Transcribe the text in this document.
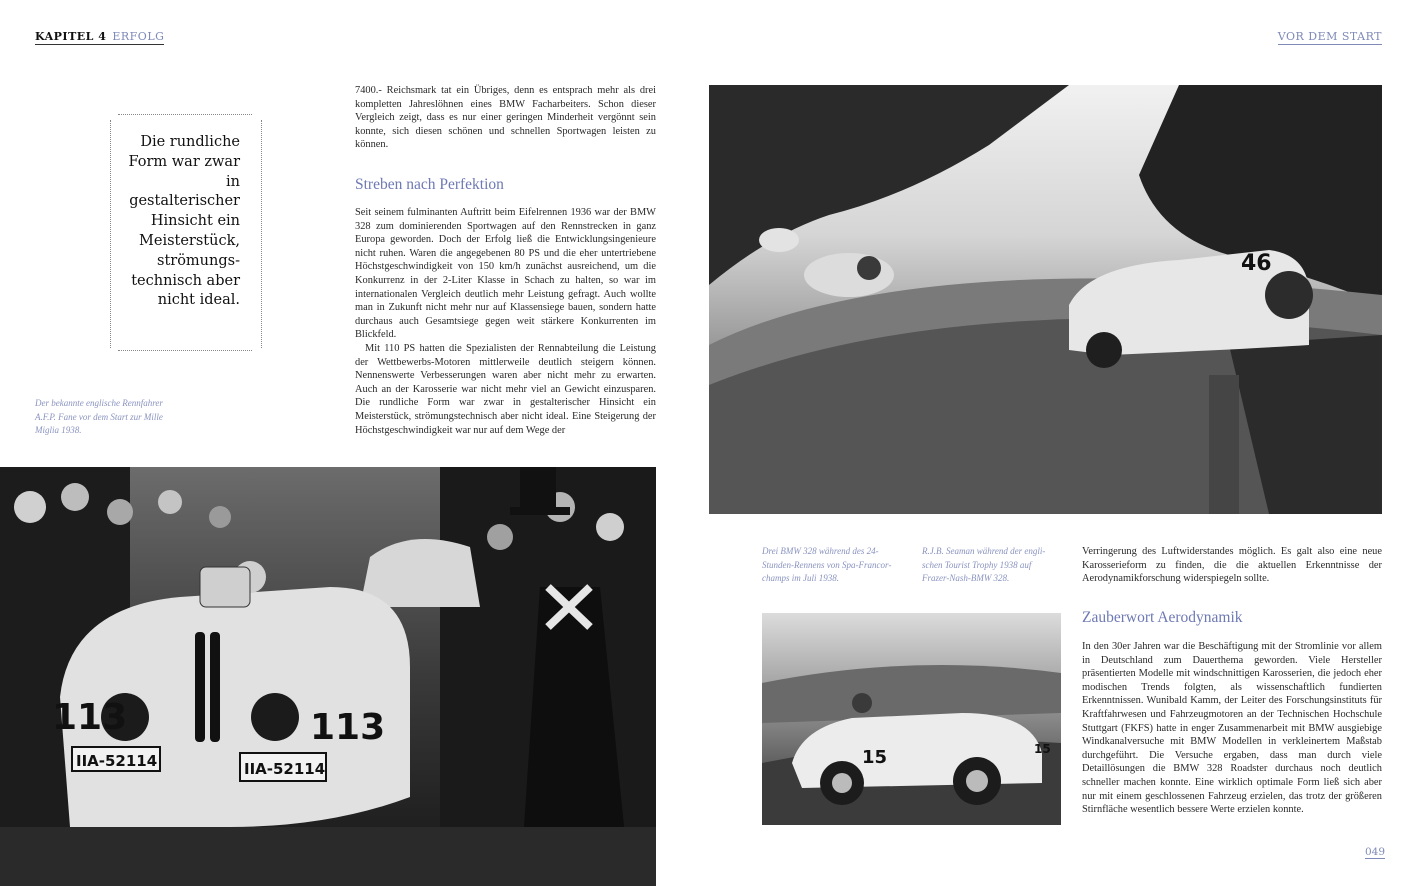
KAPITEL 4 ERFOLG	VOR DEM START
Die rundliche Form war zwar in gestalterischer Hinsicht ein Meisterstück, strömungstechnisch aber nicht ideal.
Der bekannte englische Rennfahrer A.F.P. Fane vor dem Start zur Mille Miglia 1938.

7400.- Reichsmark tat ein Übriges, denn es entsprach mehr als drei kompletten Jahreslöhnen eines BMW Facharbeiters. Schon dieser Vergleich zeigt, dass es nur einer geringen Minderheit vergönnt sein konnte, sich diesen schönen und schnellen Sportwagen leisten zu können.

Streben nach Perfektion

Seit seinem fulminanten Auftritt beim Eifelrennen 1936 war der BMW 328 zum dominierenden Sportwagen auf den Rennstrecken in ganz Europa geworden. Doch der Erfolg ließ die Entwicklungsingenieure nicht ruhen. Waren die angegebenen 80 PS und die eher untertriebene Höchstgeschwindigkeit von 150 km/h zunächst ausreichend, um die Konkurrenz in der 2-Liter Klasse in Schach zu halten, so war im internationalen Vergleich deutlich mehr Leistung gefragt. Auch wollte man in Zukunft nicht mehr nur auf Klassensiege bauen, sondern hatte durchaus auch Gesamtsiege gegen weit stärkere Konkurrenten im Blickfeld.

Mit 110 PS hatten die Spezialisten der Rennabteilung die Leistung der Wettbewerbs-Motoren mittlerweile deutlich steigern können. Nennenswerte Verbesserungen waren aber nicht mehr zu erwarten. Auch an der Karosserie war nicht mehr viel an Gewicht einzusparen. Die rundliche Form war zwar in gestalterischer Hinsicht ein Meisterstück, strömungstechnisch aber nicht ideal. Eine Steigerung der Höchstgeschwindigkeit war nur auf dem Wege der

113	113
IIA-52114	IIA-52114
46
Drei BMW 328 während des 24-Stunden-Rennens von Spa-Francorchamps im Juli 1938.
R.J.B. Seaman während der englischen Tourist Trophy 1938 auf Frazer-Nash-BMW 328.
15	15

Verringerung des Luftwiderstandes möglich. Es galt also eine neue Karosserieform zu finden, die die aktuellen Erkenntnisse der Aerodynamikforschung widerspiegeln sollte.

Zauberwort Aerodynamik

In den 30er Jahren war die Beschäftigung mit der Stromlinie vor allem in Deutschland zum Dauerthema geworden. Viele Hersteller präsentierten Modelle mit windschnittigen Karosserien, die jedoch eher modischen Trends folgten, als wissenschaftlich fundierten Erkenntnissen. Wunibald Kamm, der Leiter des Forschungsinstituts für Kraftfahrwesen und Fahrzeugmotoren an der Technischen Hochschule Stuttgart (FKFS) hatte in enger Zusammenarbeit mit BMW ausgiebige Windkanalversuche mit BMW Modellen in verkleinertem Maßstab durchgeführt. Die Versuche ergaben, dass man durch viele Detaillösungen die BMW 328 Roadster durchaus noch deutlich schneller machen konnte. Eine wirklich optimale Form ließ sich aber nur mit einem geschlossenen Fahrzeug erzielen, das trotz der größeren Stirnfläche wesentlich bessere Werte erzielen konnte.

049
